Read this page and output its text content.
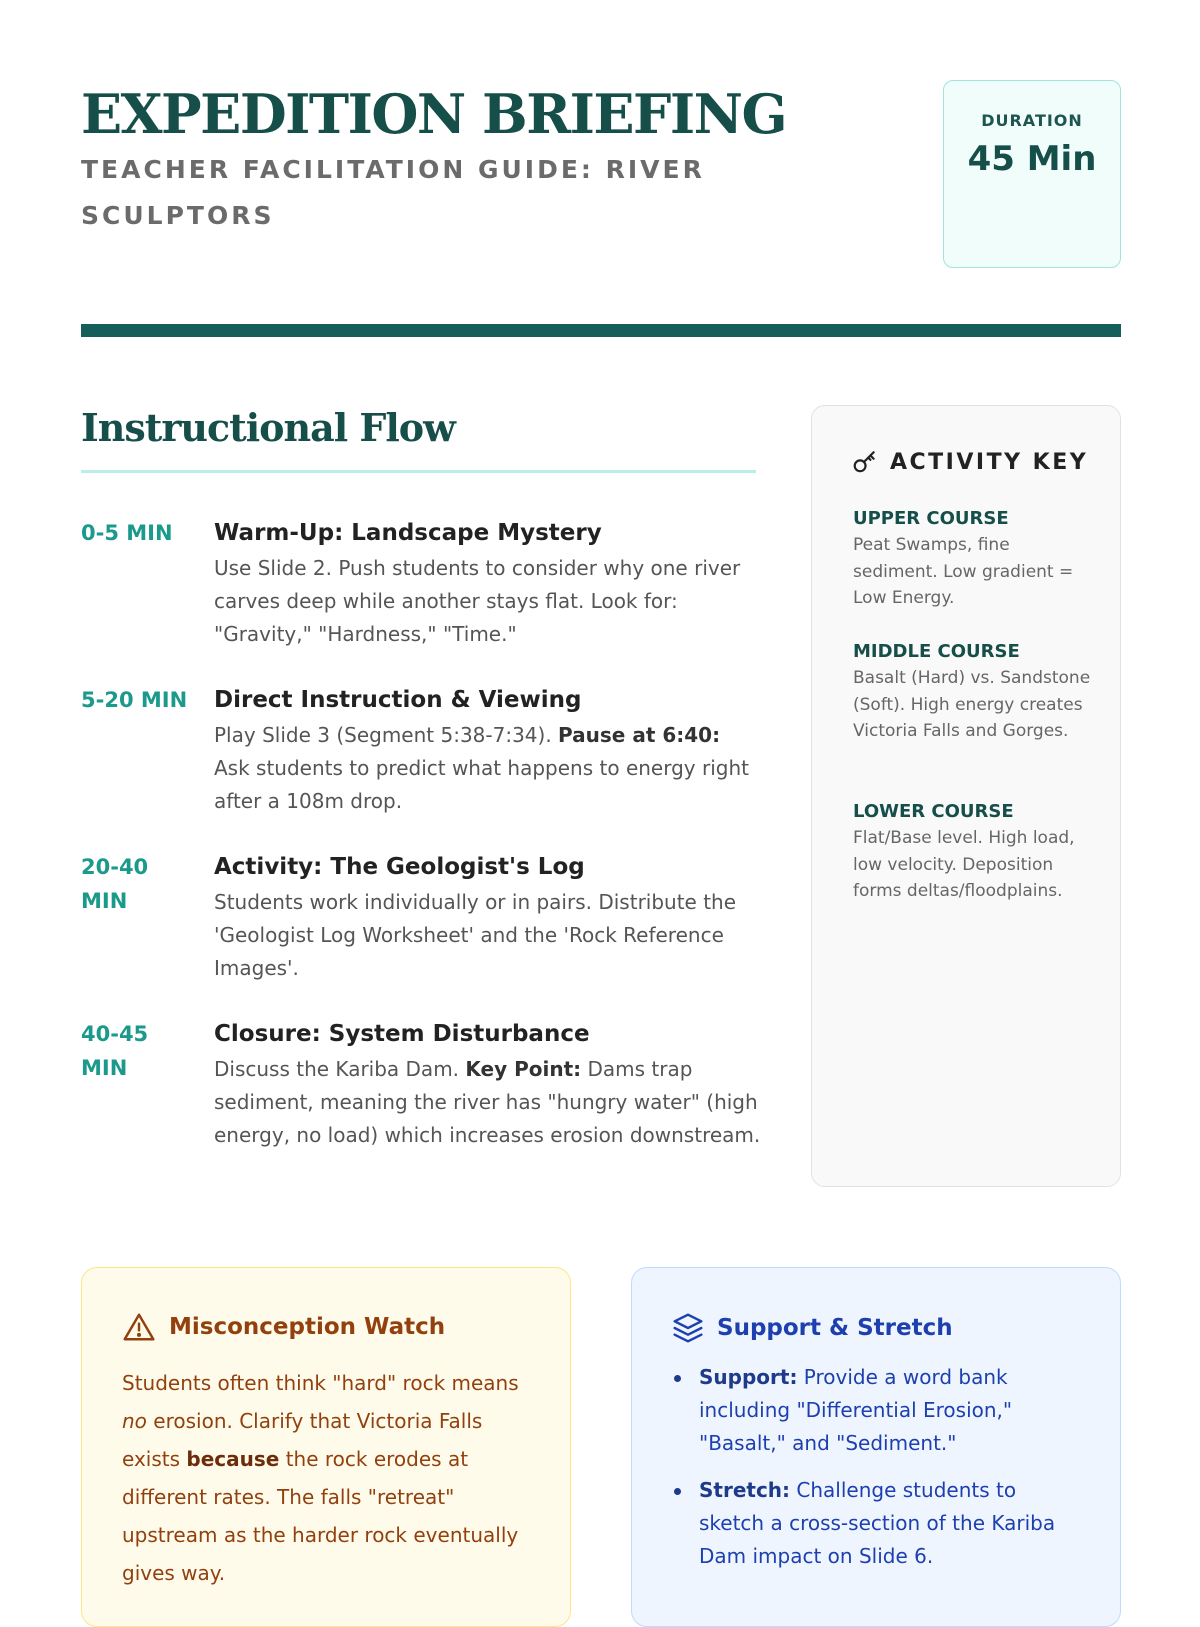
EXPEDITION BRIEFING

TEACHER FACILITATION GUIDE: RIVER SCULPTORS

DURATION
45 Min
Instructional Flow
0-5 MIN	Warm-Up: Landscape Mystery
Use Slide 2. Push students to consider why one river carves deep while another stays flat. Look for: "Gravity," "Hardness," "Time."
5-20 MIN Direct Instruction & Viewing
Play Slide 3 (Segment 5:38-7:34). Pause at 6:40: Ask students to predict what happens to energy right after a 108m drop.
20-40 MIN
Activity: The Geologist's Log
Students work individually or in pairs. Distribute the 'Geologist Log Worksheet' and the 'Rock Reference Images'.
40-45 MIN
Closure: System Disturbance
Discuss the Kariba Dam. Key Point: Dams trap sediment, meaning the river has "hungry water" (high energy, no load) which increases erosion downstream.
ACTIVITY KEY
UPPER COURSE
Peat Swamps, fine sediment. Low gradient = Low Energy.
MIDDLE COURSE
Basalt (Hard) vs. Sandstone (Soft). High energy creates Victoria Falls and Gorges.
LOWER COURSE
Flat/Base level. High load, low velocity. Deposition forms deltas/floodplains.
Misconception Watch
Students often think "hard" rock means no erosion. Clarify that Victoria Falls exists because the rock erodes at different rates. The falls "retreat" upstream as the harder rock eventually gives way.
Support & Stretch
Support: Provide a word bank including "Differential Erosion," "Basalt," and "Sediment."
Stretch: Challenge students to sketch a cross-section of the Kariba Dam impact on Slide 6.
